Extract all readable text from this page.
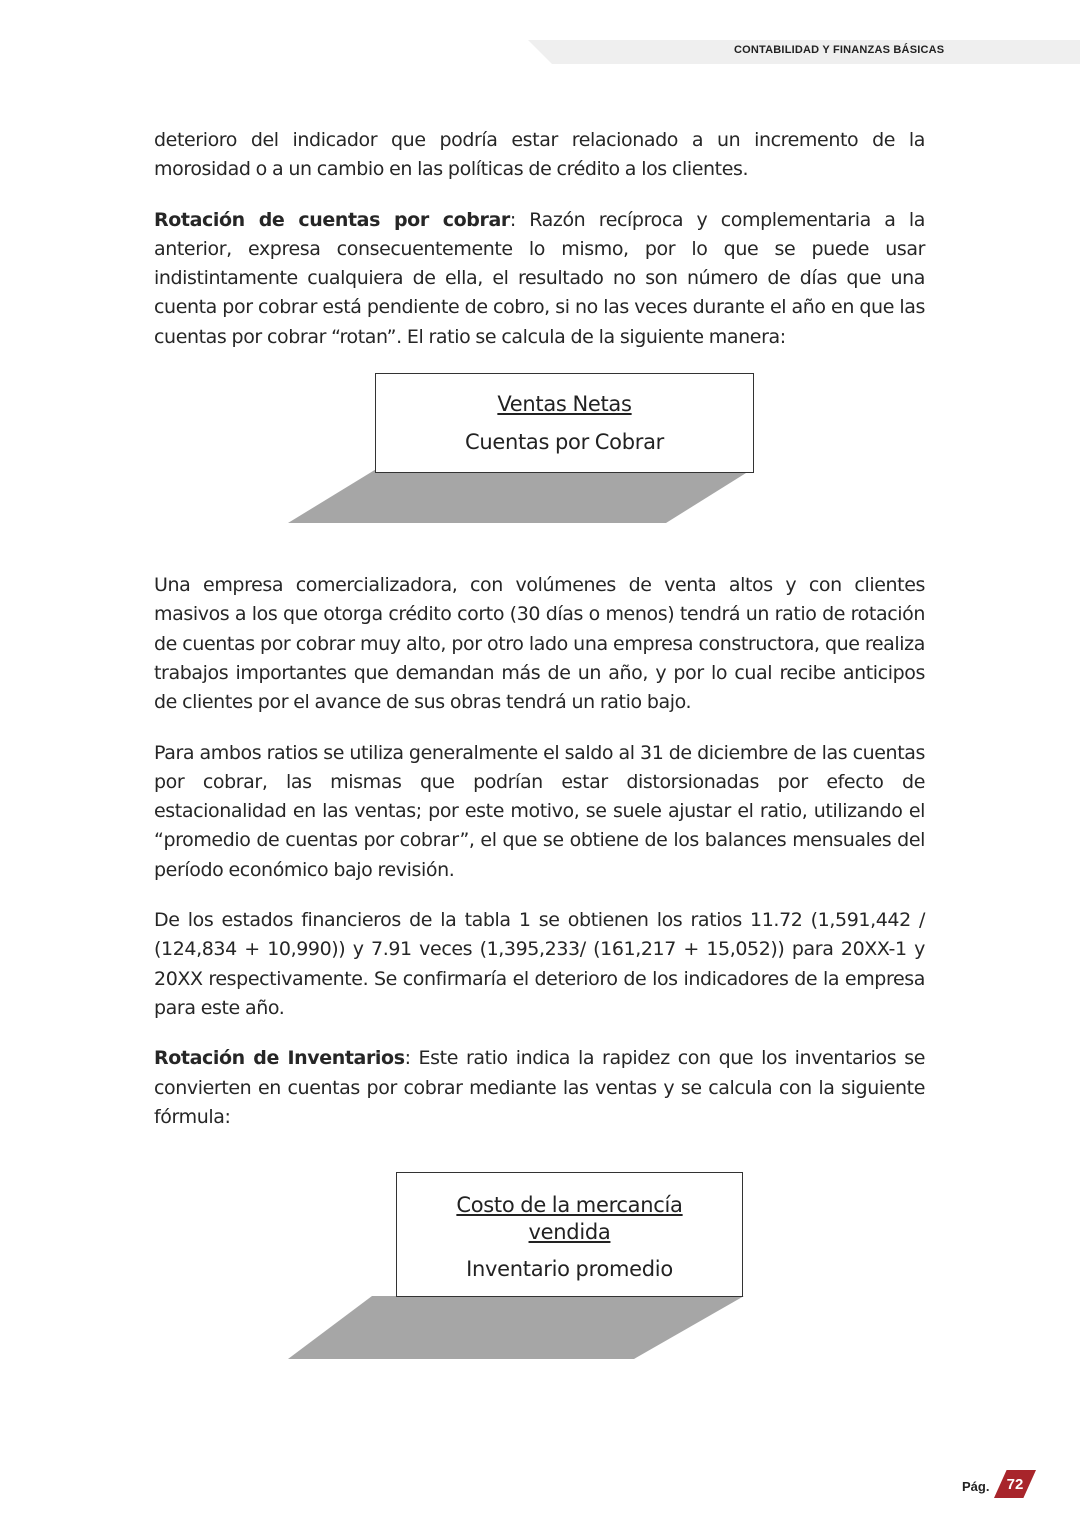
CONTABILIDAD Y FINANZAS BÁSICAS

deterioro del indicador que podría estar relacionado a un incremento de la morosidad o a un cambio en las políticas de crédito a los clientes.

Rotación de cuentas por cobrar: Razón recíproca y complementaria a la anterior, expresa consecuentemente lo mismo, por lo que se puede usar indistintamente cualquiera de ella, el resultado no son número de días que una cuenta por cobrar está pendiente de cobro, si no las veces durante el año en que las cuentas por cobrar “rotan”. El ratio se calcula de la siguiente manera:

Ventas Netas
Cuentas por Cobrar

Una empresa comercializadora, con volúmenes de venta altos y con clientes masivos a los que otorga crédito corto (30 días o menos) tendrá un ratio de rotación de cuentas por cobrar muy alto, por otro lado una empresa constructora, que realiza trabajos importantes que demandan más de un año, y por lo cual recibe anticipos de clientes por el avance de sus obras tendrá un ratio bajo.

Para ambos ratios se utiliza generalmente el saldo al 31 de diciembre de las cuentas por cobrar, las mismas que podrían estar distorsionadas por efecto de estacionalidad en las ventas; por este motivo, se suele ajustar el ratio, utilizando el “promedio de cuentas por cobrar”, el que se obtiene de los balances mensuales del período económico bajo revisión.

De los estados financieros de la tabla 1 se obtienen los ratios 11.72 (1,591,442 / (124,834 + 10,990)) y 7.91 veces (1,395,233/ (161,217 + 15,052)) para 20XX-1 y 20XX respectivamente. Se confirmaría el deterioro de los indicadores de la empresa para este año.

Rotación de Inventarios: Este ratio indica la rapidez con que los inventarios se convierten en cuentas por cobrar mediante las ventas y se calcula con la siguiente fórmula:

Costo de la mercancía
vendida
Inventario promedio
Pág.	72
